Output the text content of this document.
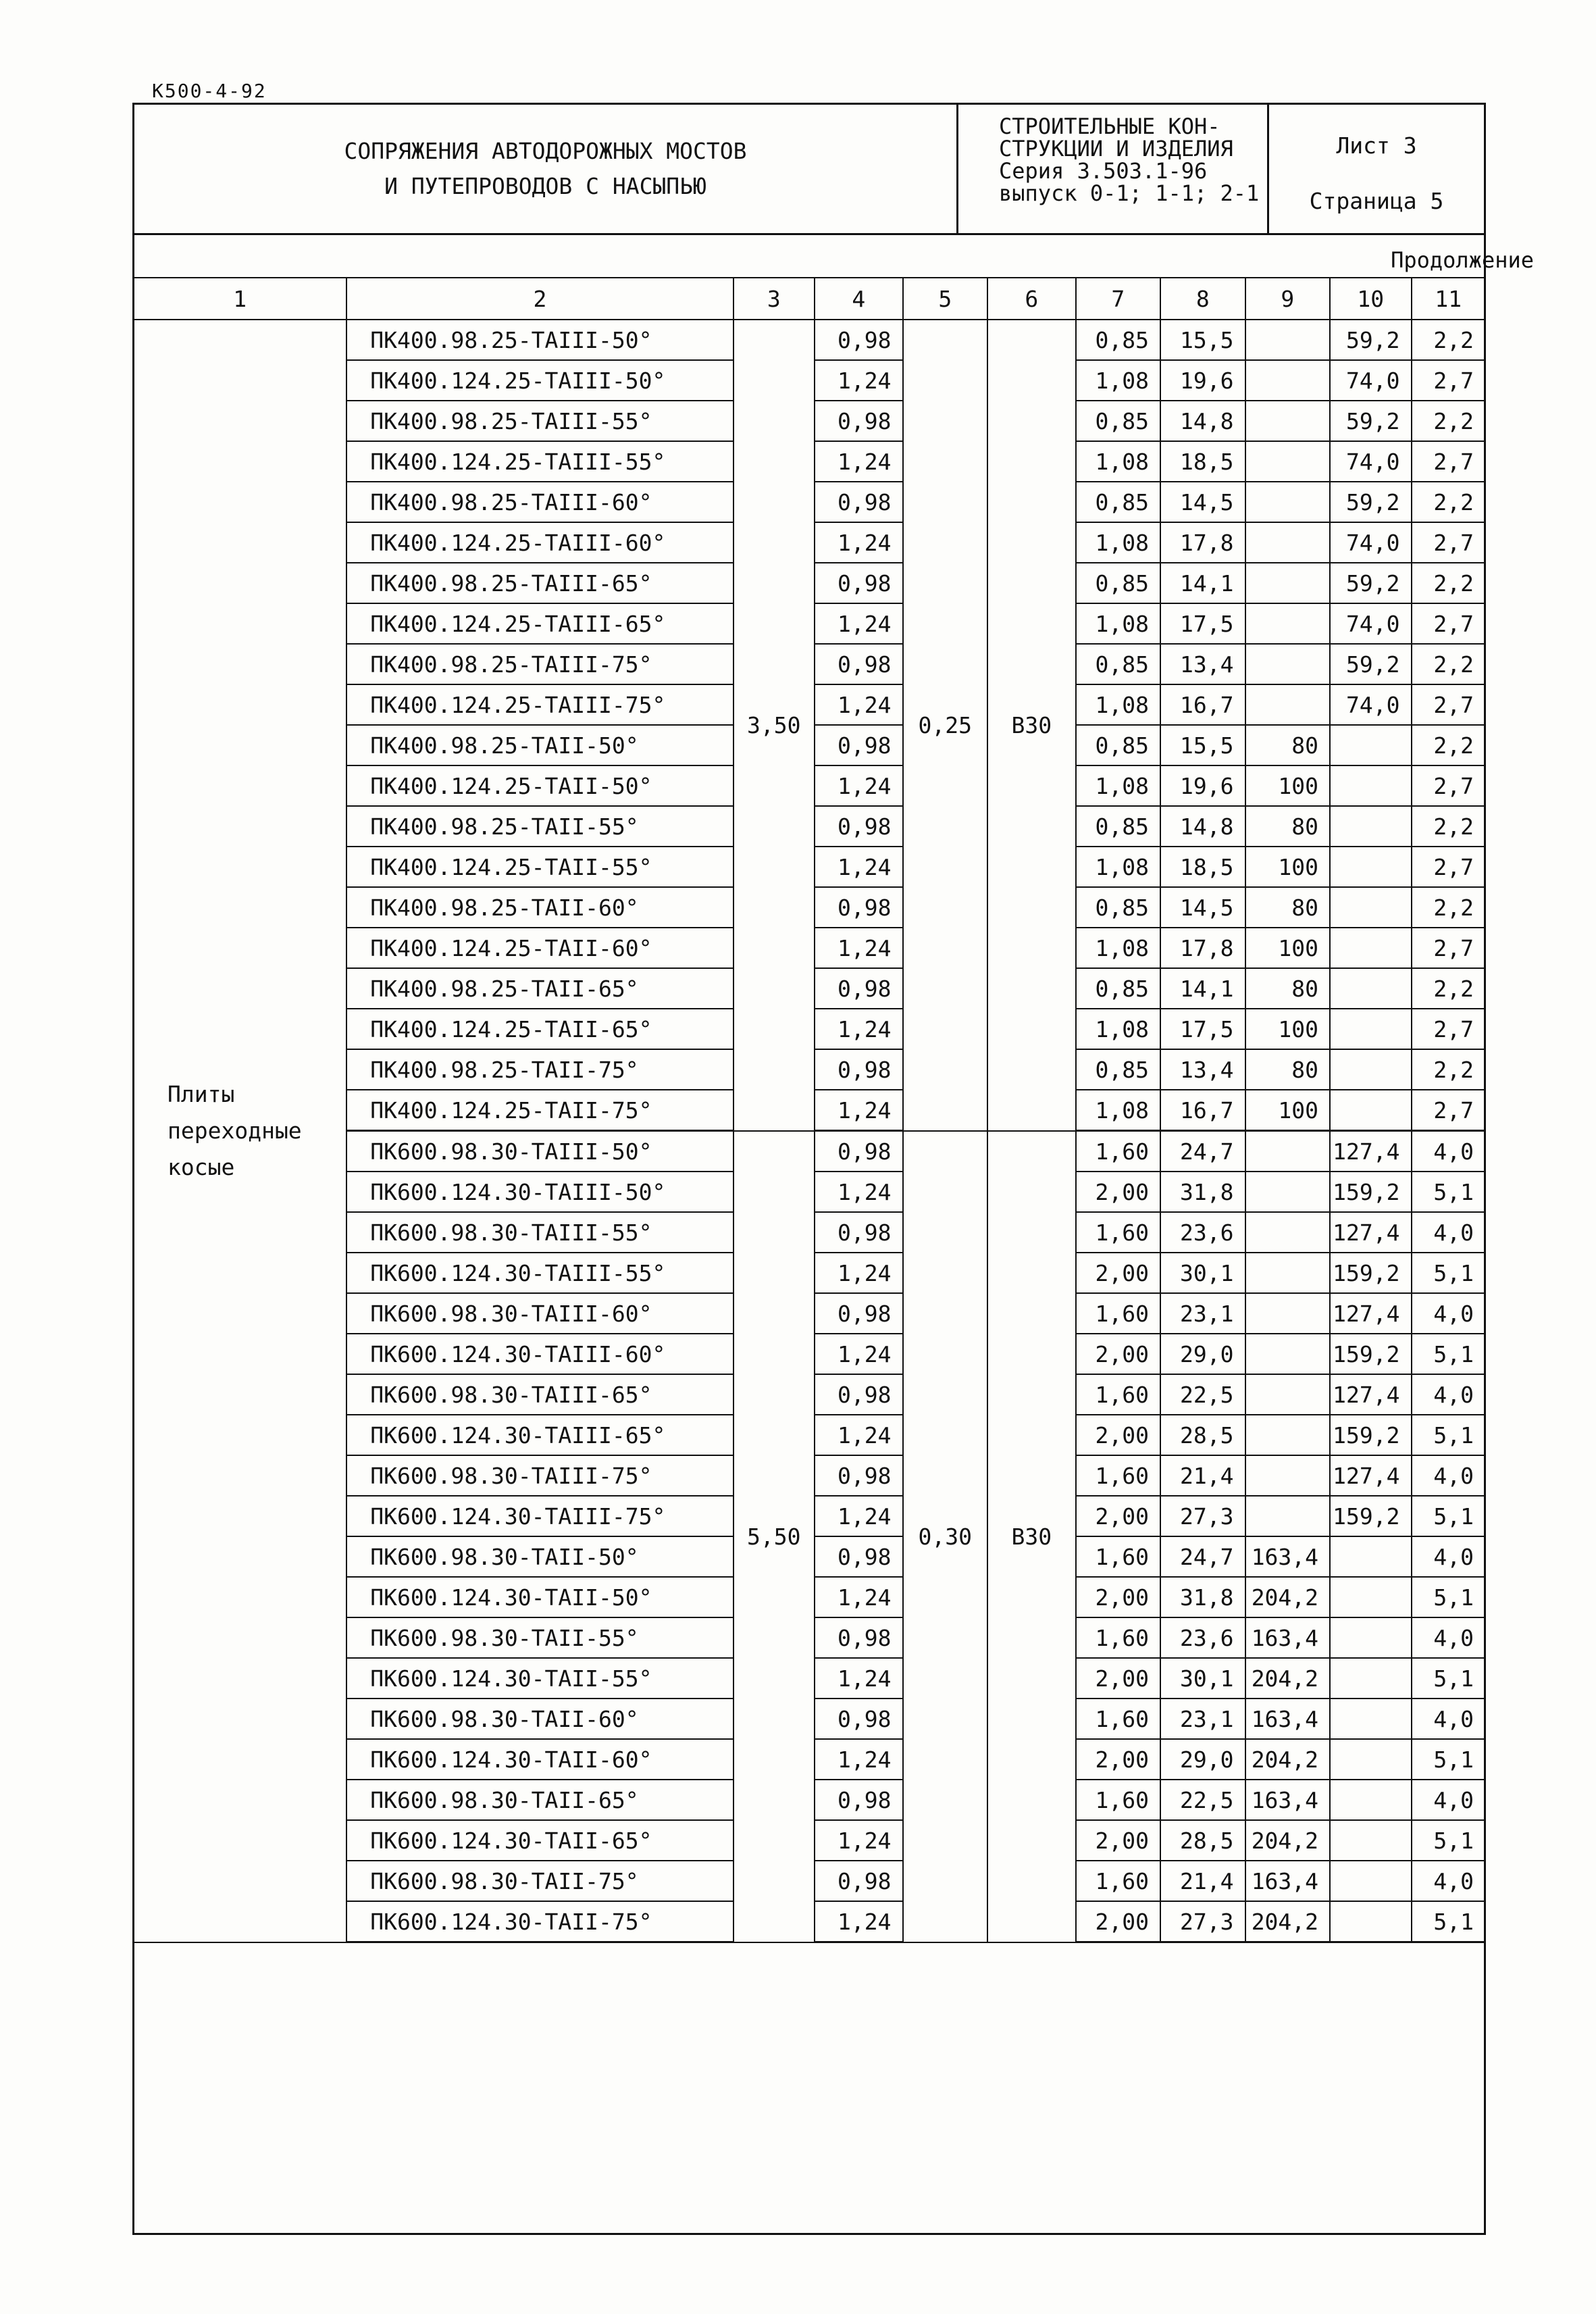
К500-4-92
СОПРЯЖЕНИЯ АВТОДОРОЖНЫХ МОСТОВ
И ПУТЕПРОВОДОВ С НАСЫПЬЮ
СТРОИТЕЛЬНЫЕ КОН-
СТРУКЦИИ И ИЗДЕЛИЯ
Серия 3.503.1-96
выпуск 0-1; 1-1; 2-1
Лист 3
Страница 5
Продолжение
1	2	3	4	5	6	7	8	9	10	11

Плиты
переходные
косые	ПК400.98.25-ТАIII-50°	3,50	0,98	0,25	В30	0,85	15,5		59,2	2,2
	ПК400.124.25-ТАIII-50°		1,24			1,08	19,6		74,0	2,7
	ПК400.98.25-ТАIII-55°		0,98			0,85	14,8		59,2	2,2
	ПК400.124.25-ТАIII-55°		1,24			1,08	18,5		74,0	2,7
	ПК400.98.25-ТАIII-60°		0,98			0,85	14,5		59,2	2,2
	ПК400.124.25-ТАIII-60°		1,24			1,08	17,8		74,0	2,7
	ПК400.98.25-ТАIII-65°		0,98			0,85	14,1		59,2	2,2
	ПК400.124.25-ТАIII-65°		1,24			1,08	17,5		74,0	2,7
	ПК400.98.25-ТАIII-75°		0,98			0,85	13,4		59,2	2,2
	ПК400.124.25-ТАIII-75°		1,24			1,08	16,7		74,0	2,7
	ПК400.98.25-ТАII-50°		0,98			0,85	15,5	80		2,2
	ПК400.124.25-ТАII-50°		1,24			1,08	19,6	100		2,7
	ПК400.98.25-ТАII-55°		0,98			0,85	14,8	80		2,2
	ПК400.124.25-ТАII-55°		1,24			1,08	18,5	100		2,7
	ПК400.98.25-ТАII-60°		0,98			0,85	14,5	80		2,2
	ПК400.124.25-ТАII-60°		1,24			1,08	17,8	100		2,7
	ПК400.98.25-ТАII-65°		0,98			0,85	14,1	80		2,2
	ПК400.124.25-ТАII-65°		1,24			1,08	17,5	100		2,7
	ПК400.98.25-ТАII-75°		0,98			0,85	13,4	80		2,2
	ПК400.124.25-ТАII-75°		1,24			1,08	16,7	100		2,7
	ПК600.98.30-ТАIII-50°	5,50	0,98	0,30	В30	1,60	24,7		127,4	4,0
	ПК600.124.30-ТАIII-50°		1,24			2,00	31,8		159,2	5,1
	ПК600.98.30-ТАIII-55°		0,98			1,60	23,6		127,4	4,0
	ПК600.124.30-ТАIII-55°		1,24			2,00	30,1		159,2	5,1
	ПК600.98.30-ТАIII-60°		0,98			1,60	23,1		127,4	4,0
	ПК600.124.30-ТАIII-60°		1,24			2,00	29,0		159,2	5,1
	ПК600.98.30-ТАIII-65°		0,98			1,60	22,5		127,4	4,0
	ПК600.124.30-ТАIII-65°		1,24			2,00	28,5		159,2	5,1
	ПК600.98.30-ТАIII-75°		0,98			1,60	21,4		127,4	4,0
	ПК600.124.30-ТАIII-75°		1,24			2,00	27,3		159,2	5,1
	ПК600.98.30-ТАII-50°		0,98			1,60	24,7	163,4		4,0
	ПК600.124.30-ТАII-50°		1,24			2,00	31,8	204,2		5,1
	ПК600.98.30-ТАII-55°		0,98			1,60	23,6	163,4		4,0
	ПК600.124.30-ТАII-55°		1,24			2,00	30,1	204,2		5,1
	ПК600.98.30-ТАII-60°		0,98			1,60	23,1	163,4		4,0
	ПК600.124.30-ТАII-60°		1,24			2,00	29,0	204,2		5,1
	ПК600.98.30-ТАII-65°		0,98			1,60	22,5	163,4		4,0
	ПК600.124.30-ТАII-65°		1,24			2,00	28,5	204,2		5,1
	ПК600.98.30-ТАII-75°		0,98			1,60	21,4	163,4		4,0
	ПК600.124.30-ТАII-75°		1,24			2,00	27,3	204,2		5,1
